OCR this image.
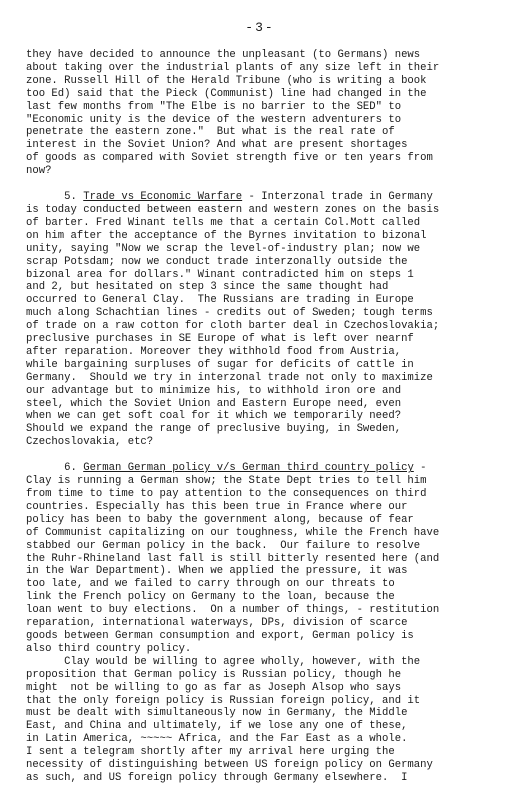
-3-
they have decided to announce the unpleasant (to Germans) news
about taking over the industrial plants of any size left in their
zone. Russell Hill of the Herald Tribune (who is writing a book
too Ed) said that the Pieck (Communist) line had changed in the
last few months from "The Elbe is no barrier to the SED" to
"Economic unity is the device of the western adventurers to
penetrate the eastern zone."  But what is the real rate of
interest in the Soviet Union? And what are present shortages
of goods as compared with Soviet strength five or ten years from
now?
5. Trade vs Economic Warfare - Interzonal trade in Germany
is today conducted between eastern and western zones on the basis
of barter. Fred Winant tells me that a certain Col.Mott called
on him after the acceptance of the Byrnes invitation to bizonal
unity, saying "Now we scrap the level-of-industry plan; now we
scrap Potsdam; now we conduct trade interzonally outside the
bizonal area for dollars." Winant contradicted him on steps 1
and 2, but hesitated on step 3 since the same thought had
occurred to General Clay.  The Russians are trading in Europe
much along Schachtian lines - credits out of Sweden; tough terms
of trade on a raw cotton for cloth barter deal in Czechoslovakia;
preclusive purchases in SE Europe of what is left over nearnf
after reparation. Moreover they withhold food from Austria,
while bargaining surpluses of sugar for deficits of cattle in
Germany.  Should we try in interzonal trade not only to maximize
our advantage but to minimize his, to withhold iron ore and
steel, which the Soviet Union and Eastern Europe need, even
when we can get soft coal for it which we temporarily need?
Should we expand the range of preclusive buying, in Sweden,
Czechoslovakia, etc?
6. German German policy v/s German third country policy -
Clay is running a German show; the State Dept tries to tell him
from time to time to pay attention to the consequences on third
countries. Especially has this been true in France where our
policy has been to baby the government along, because of fear
of Communist capitalizing on our toughness, while the French have
stabbed our German policy in the back.  Our failure to resolve
the Ruhr-Rhineland last fall is still bitterly resented here (and
in the War Department). When we applied the pressure, it was
too late, and we failed to carry through on our threats to
link the French policy on Germany to the loan, because the
loan went to buy elections.  On a number of things, - restitution
reparation, international waterways, DPs, division of scarce
goods between German consumption and export, German policy is
also third country policy.
Clay would be willing to agree wholly, however, with the
proposition that German policy is Russian policy, though he
might  not be willing to go as far as Joseph Alsop who says
that the only foreign policy is Russian foreign policy, and it
must be dealt with simultaneously now in Germany, the Middle
East, and China and ultimately, if we lose any one of these,
in Latin America, ~~~~~ Africa, and the Far East as a whole.
I sent a telegram shortly after my arrival here urging the
necessity of distinguishing between US foreign policy on Germany
as such, and US foreign policy through Germany elsewhere.  I
